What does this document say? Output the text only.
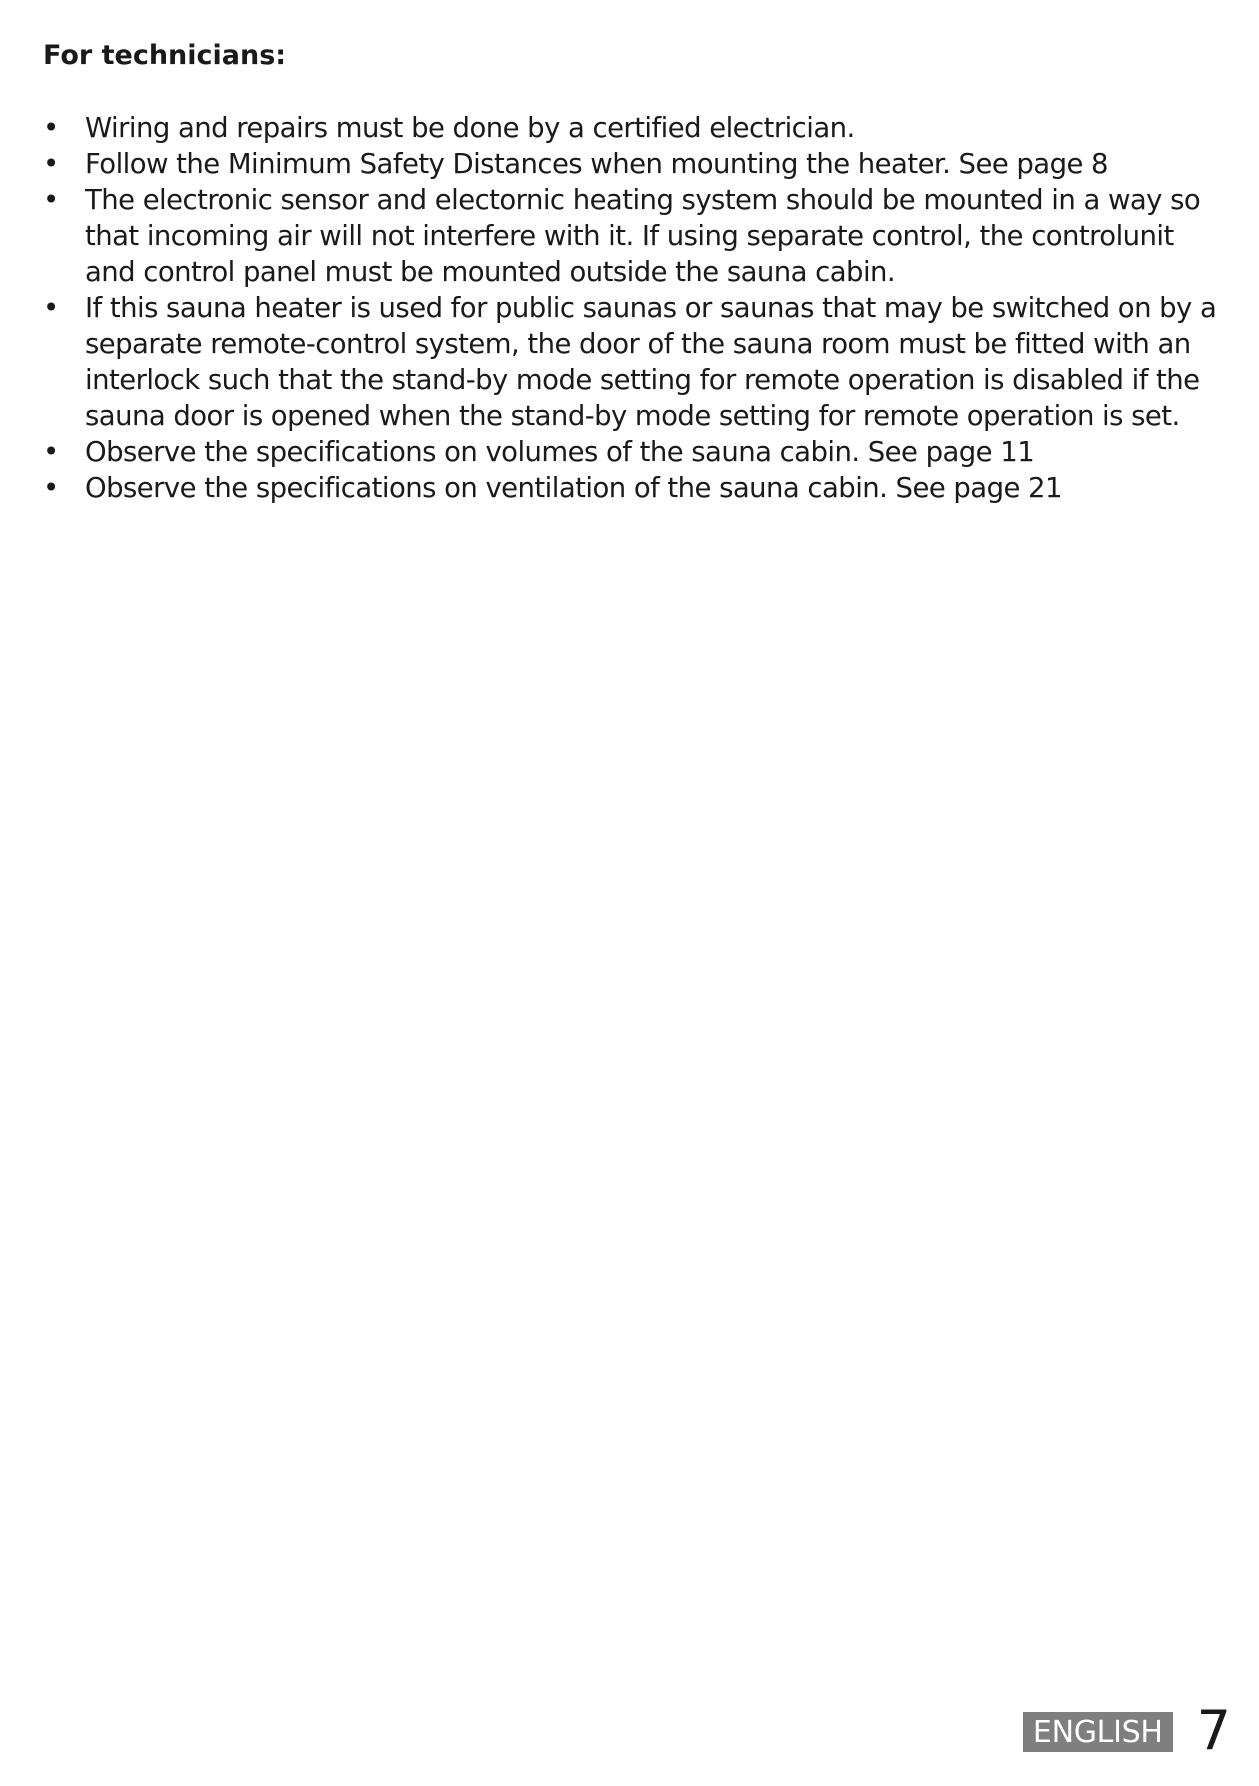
For technicians:
• Wiring and repairs must be done by a certified electrician.
• Follow the Minimum Safety Distances when mounting the heater. See page 8
• The electronic sensor and electornic heating system should be mounted in a way so that incoming air will not interfere with it. If using separate control, the controlunit and control panel must be mounted outside the sauna cabin.
• If this sauna heater is used for public saunas or saunas that may be switched on by a separate remote-control system, the door of the sauna room must be fitted with an interlock such that the stand-by mode setting for remote operation is disabled if the sauna door is opened when the stand-by mode setting for remote operation is set.
• Observe the specifications on volumes of the sauna cabin. See page 11
• Observe the specifications on ventilation of the sauna cabin. See page 21
ENGLISH 7
